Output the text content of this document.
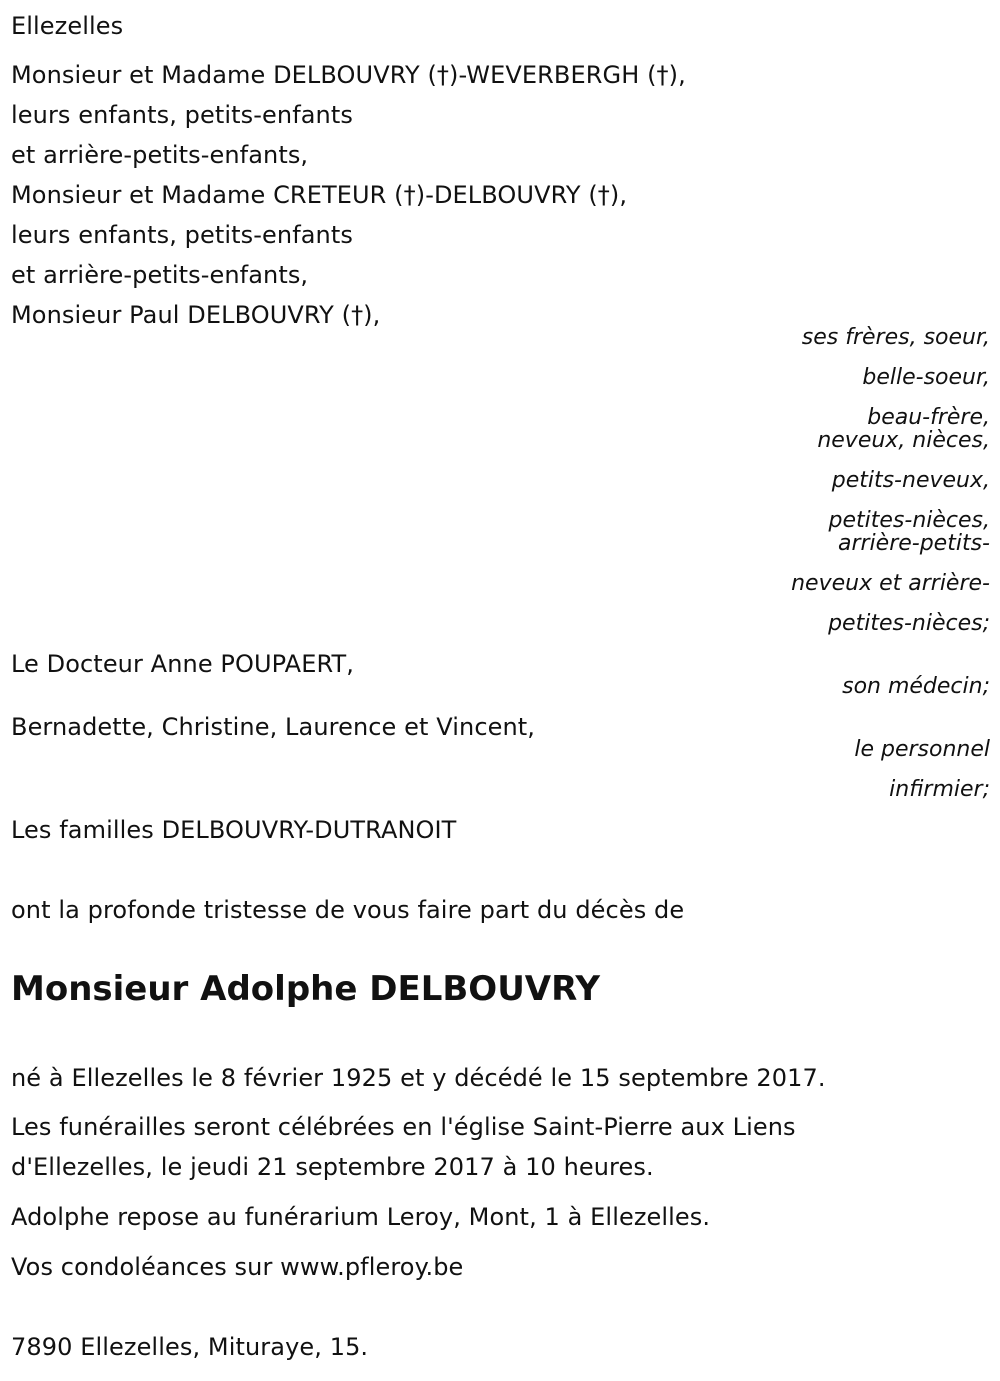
Ellezelles
Monsieur et Madame DELBOUVRY (†)-WEVERBERGH (†),
leurs enfants, petits-enfants
et arrière-petits-enfants,
Monsieur et Madame CRETEUR (†)-DELBOUVRY (†),
leurs enfants, petits-enfants
et arrière-petits-enfants,
Monsieur Paul DELBOUVRY (†),
ses frères, soeur,
belle-soeur,
beau-frère,
neveux, nièces,
petits-neveux,
petites-nièces,
arrière-petits-
neveux et arrière-
petites-nièces;
Le Docteur Anne POUPAERT,
son médecin;
Bernadette, Christine, Laurence et Vincent,
le personnel
infirmier;
Les familles DELBOUVRY-DUTRANOIT
ont la profonde tristesse de vous faire part du décès de
Monsieur Adolphe DELBOUVRY
né à Ellezelles le 8 février 1925 et y décédé le 15 septembre 2017.
Les funérailles seront célébrées en l'église Saint-Pierre aux Liens
d'Ellezelles, le jeudi 21 septembre 2017 à 10 heures.
Adolphe repose au funérarium Leroy, Mont, 1 à Ellezelles.
Vos condoléances sur www.pfleroy.be
7890 Ellezelles, Mituraye, 15.
